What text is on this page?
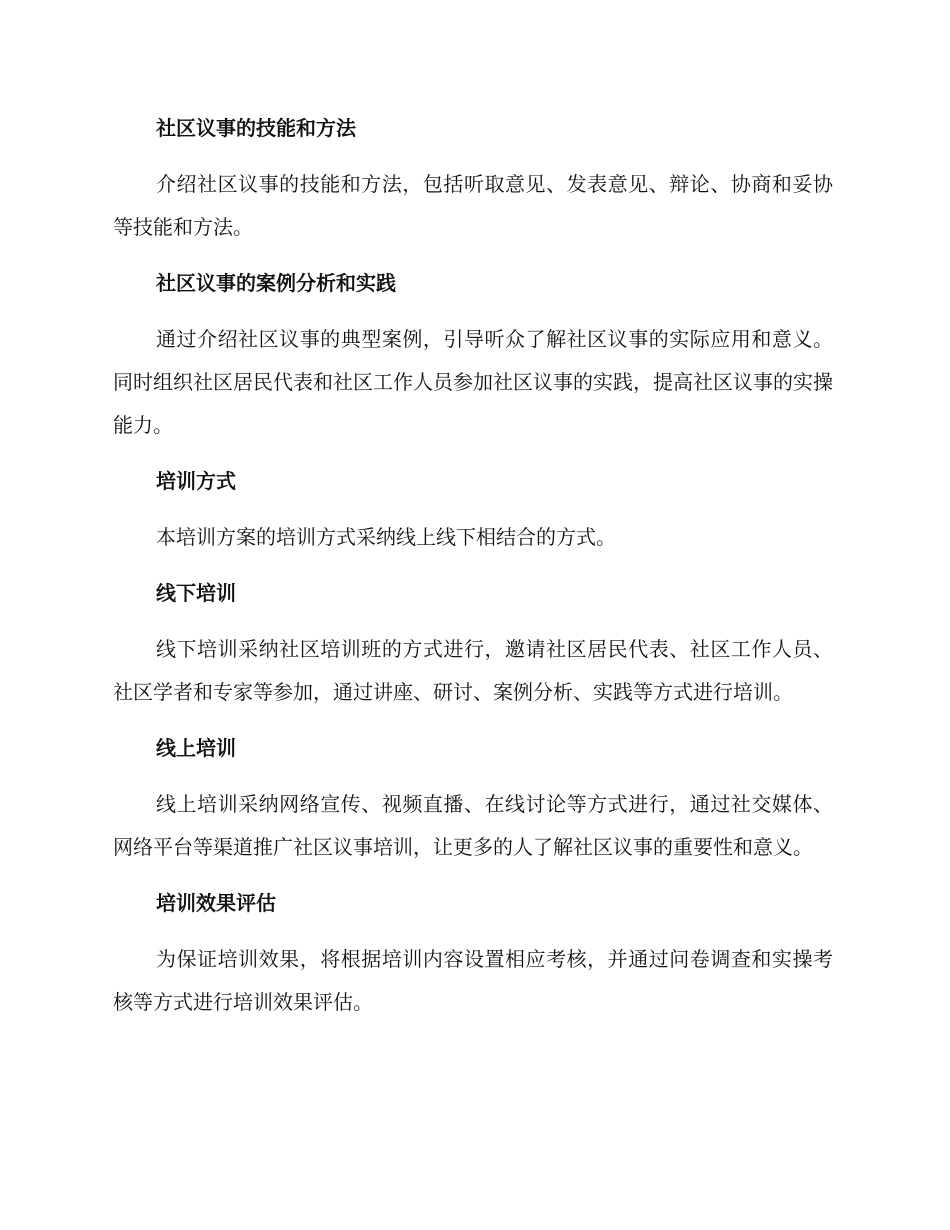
社区议事的技能和方法

介绍社区议事的技能和方法，包括听取意见、发表意见、辩论、协商和妥协等技能和方法。

社区议事的案例分析和实践

通过介绍社区议事的典型案例，引导听众了解社区议事的实际应用和意义。同时组织社区居民代表和社区工作人员参加社区议事的实践，提高社区议事的实操能力。

培训方式

本培训方案的培训方式采纳线上线下相结合的方式。

线下培训

线下培训采纳社区培训班的方式进行，邀请社区居民代表、社区工作人员、社区学者和专家等参加，通过讲座、研讨、案例分析、实践等方式进行培训。

线上培训

线上培训采纳网络宣传、视频直播、在线讨论等方式进行，通过社交媒体、网络平台等渠道推广社区议事培训，让更多的人了解社区议事的重要性和意义。

培训效果评估

为保证培训效果，将根据培训内容设置相应考核，并通过问卷调查和实操考核等方式进行培训效果评估。
